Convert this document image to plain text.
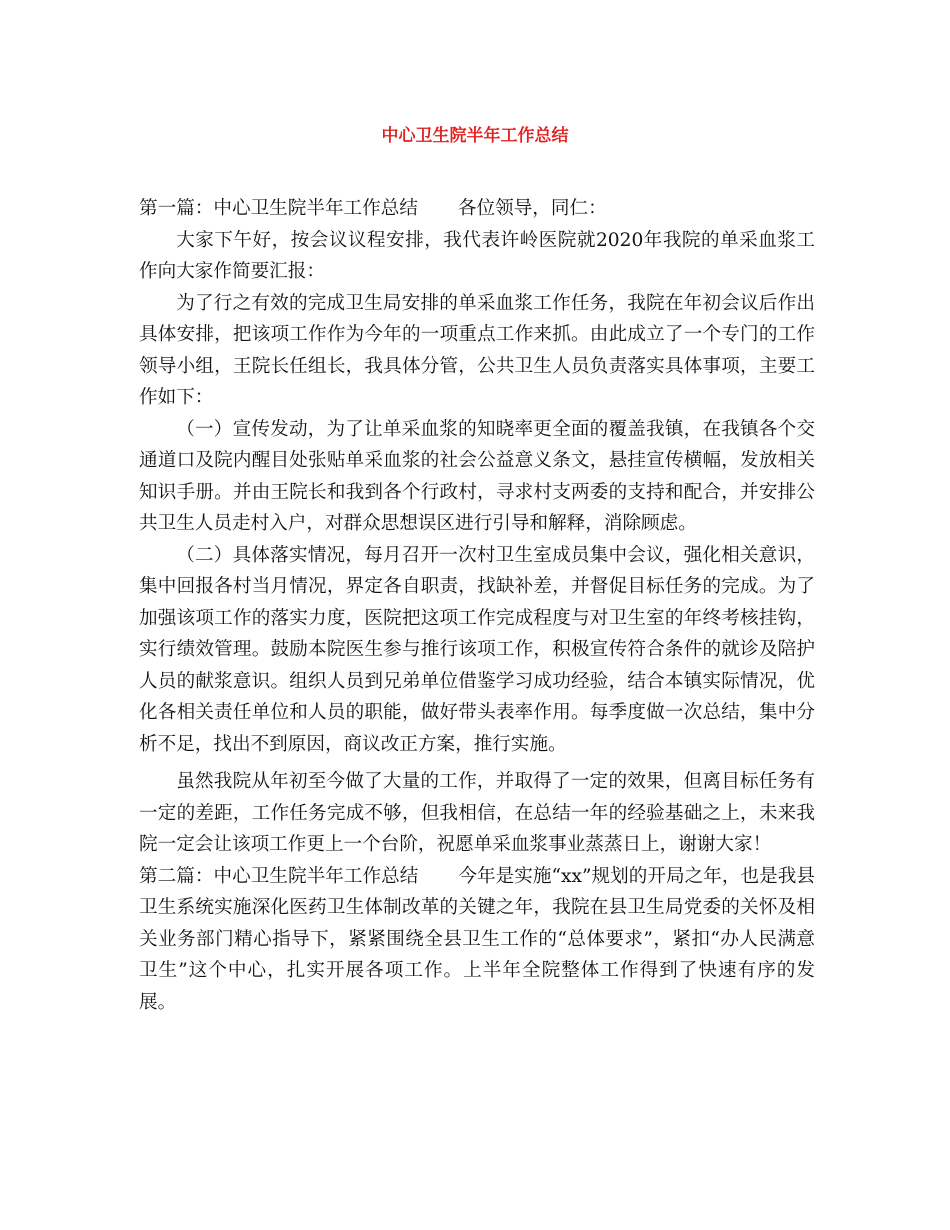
中心卫生院半年工作总结

第一篇：中心卫生院半年工作总结 各位领导，同仁：

大家下午好，按会议议程安排，我代表许岭医院就2020年我院的单采血浆工作向大家作简要汇报：

为了行之有效的完成卫生局安排的单采血浆工作任务，我院在年初会议后作出具体安排，把该项工作作为今年的一项重点工作来抓。由此成立了一个专门的工作领导小组，王院长任组长，我具体分管，公共卫生人员负责落实具体事项，主要工作如下：

（一）宣传发动，为了让单采血浆的知晓率更全面的覆盖我镇，在我镇各个交通道口及院内醒目处张贴单采血浆的社会公益意义条文，悬挂宣传横幅，发放相关知识手册。并由王院长和我到各个行政村，寻求村支两委的支持和配合，并安排公共卫生人员走村入户，对群众思想误区进行引导和解释，消除顾虑。

（二）具体落实情况，每月召开一次村卫生室成员集中会议，强化相关意识，集中回报各村当月情况，界定各自职责，找缺补差，并督促目标任务的完成。为了加强该项工作的落实力度，医院把这项工作完成程度与对卫生室的年终考核挂钩，实行绩效管理。鼓励本院医生参与推行该项工作，积极宣传符合条件的就诊及陪护人员的献浆意识。组织人员到兄弟单位借鉴学习成功经验，结合本镇实际情况，优化各相关责任单位和人员的职能，做好带头表率作用。每季度做一次总结，集中分析不足，找出不到原因，商议改正方案，推行实施。

虽然我院从年初至今做了大量的工作，并取得了一定的效果，但离目标任务有一定的差距，工作任务完成不够，但我相信，在总结一年的经验基础之上，未来我院一定会让该项工作更上一个台阶，祝愿单采血浆事业蒸蒸日上，谢谢大家！

第二篇：中心卫生院半年工作总结 今年是实施“xx”规划的开局之年，也是我县卫生系统实施深化医药卫生体制改革的关键之年，我院在县卫生局党委的关怀及相关业务部门精心指导下，紧紧围绕全县卫生工作的“总体要求”，紧扣“办人民满意卫生”这个中心，扎实开展各项工作。上半年全院整体工作得到了快速有序的发展。
